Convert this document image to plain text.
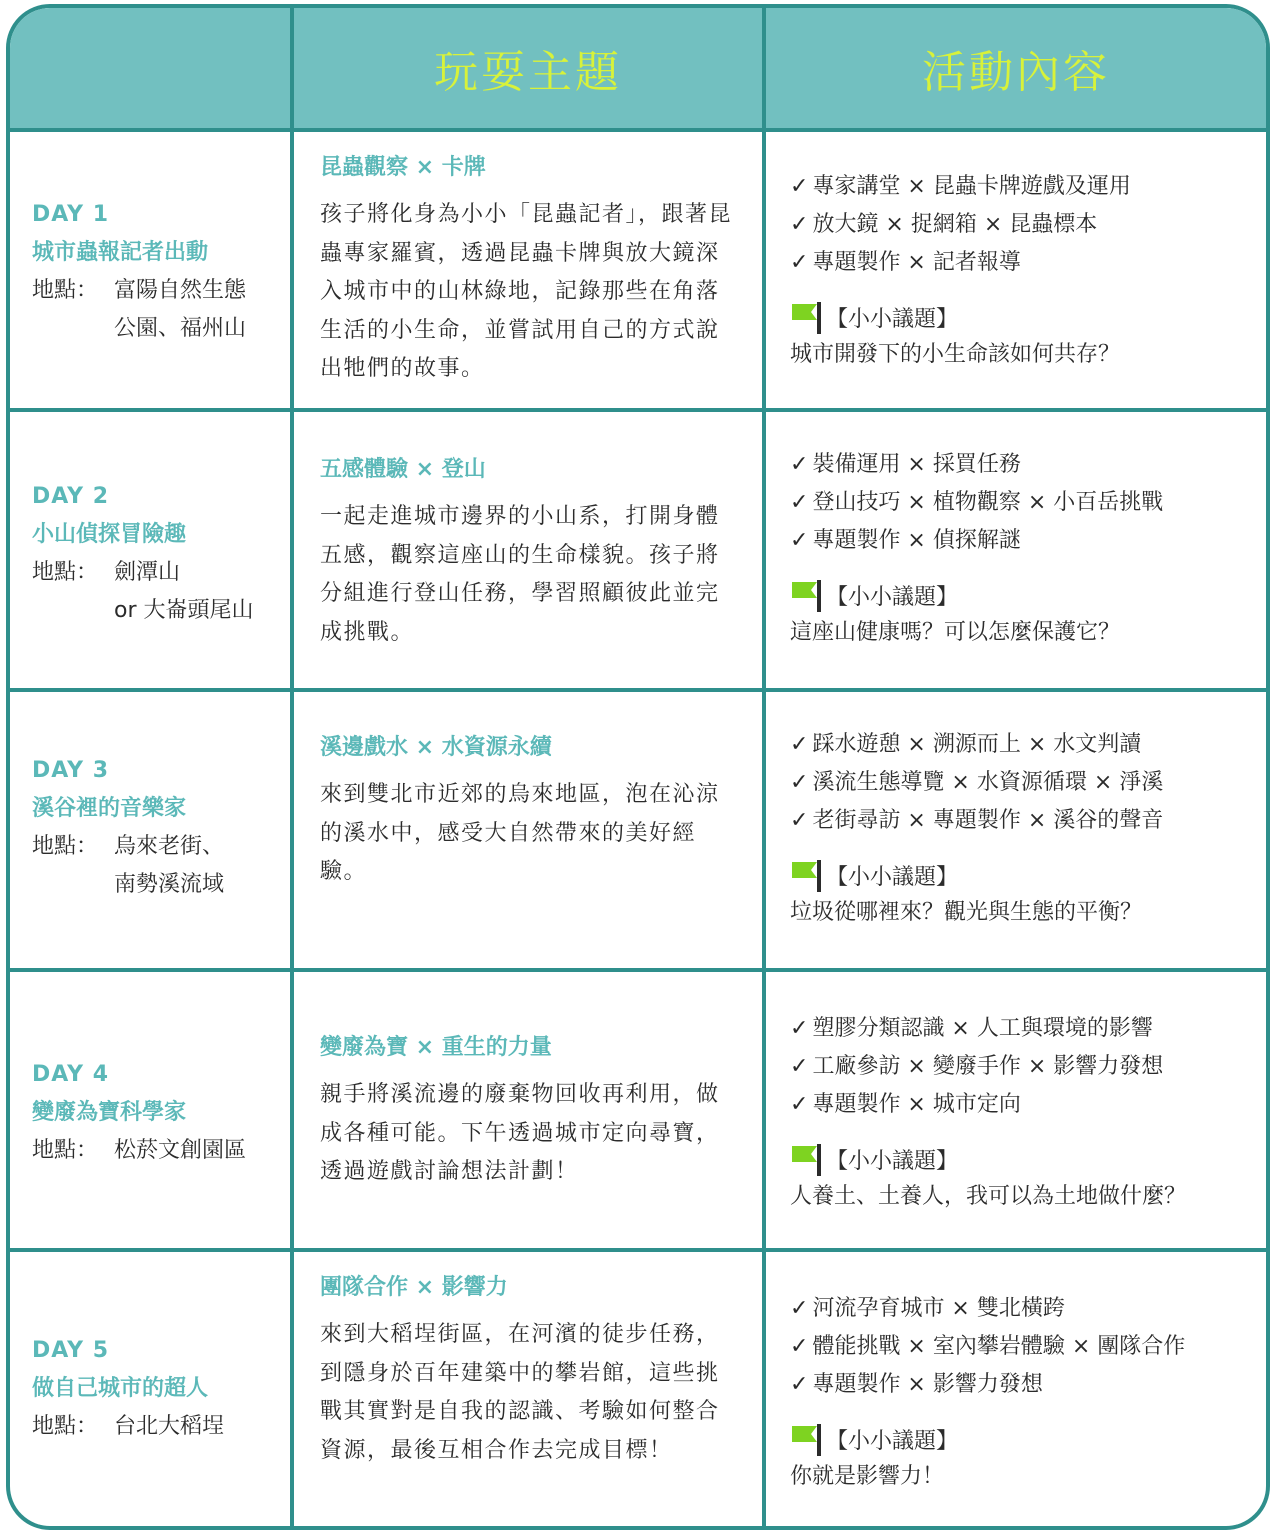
玩耍主題	活動內容
DAY 1
城市蟲報記者出動
地點： 富陽自然生態
公園、福州山
昆蟲觀察 × 卡牌
孩子將化身為小小「昆蟲記者」，跟著昆蟲專家羅賓，透過昆蟲卡牌與放大鏡深入城市中的山林綠地，記錄那些在角落生活的小生命，並嘗試用自己的方式說出牠們的故事。
✓ 專家講堂 × 昆蟲卡牌遊戲及運用
✓ 放大鏡 × 捉網箱 × 昆蟲標本
✓ 專題製作 × 記者報導
【小小議題】
城市開發下的小生命該如何共存？
DAY 2
小山偵探冒險趣
地點： 劍潭山
or 大崙頭尾山
五感體驗 × 登山
一起走進城市邊界的小山系，打開身體五感，觀察這座山的生命樣貌。孩子將分組進行登山任務，學習照顧彼此並完成挑戰。
✓ 裝備運用 × 採買任務
✓ 登山技巧 × 植物觀察 × 小百岳挑戰
✓ 專題製作 × 偵探解謎
【小小議題】
這座山健康嗎？可以怎麼保護它？
DAY 3
溪谷裡的音樂家
地點： 烏來老街、
南勢溪流域
溪邊戲水 × 水資源永續
來到雙北市近郊的烏來地區，泡在沁涼的溪水中，感受大自然帶來的美好經驗。
✓ 踩水遊憩 × 溯源而上 × 水文判讀
✓ 溪流生態導覽 × 水資源循環 × 淨溪
✓ 老街尋訪 × 專題製作 × 溪谷的聲音
【小小議題】
垃圾從哪裡來？觀光與生態的平衡？
DAY 4
變廢為寶科學家
地點： 松菸文創園區
變廢為寶 × 重生的力量
親手將溪流邊的廢棄物回收再利用，做成各種可能。下午透過城市定向尋寶，透過遊戲討論想法計劃！
✓ 塑膠分類認識 × 人工與環境的影響
✓ 工廠參訪 × 變廢手作 × 影響力發想
✓ 專題製作 × 城市定向
【小小議題】
人養土、土養人，我可以為土地做什麼？
DAY 5
做自己城市的超人
地點： 台北大稻埕
團隊合作 × 影響力
來到大稻埕街區，在河濱的徒步任務，到隱身於百年建築中的攀岩館，這些挑戰其實對是自我的認識、考驗如何整合資源，最後互相合作去完成目標！
✓ 河流孕育城市 × 雙北橫跨
✓ 體能挑戰 × 室內攀岩體驗 × 團隊合作
✓ 專題製作 × 影響力發想
【小小議題】
你就是影響力！
